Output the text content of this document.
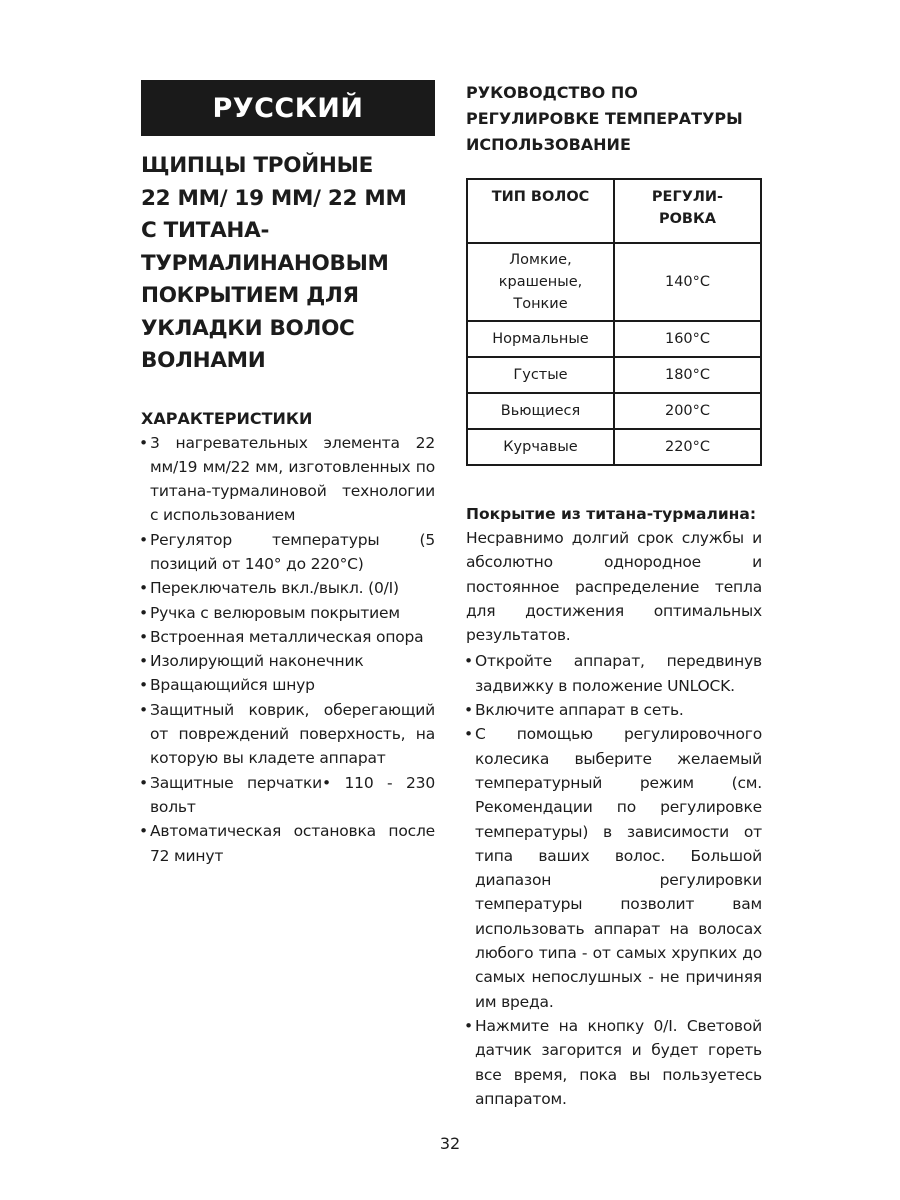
РУССКИЙ
ЩИПЦЫ ТРОЙНЫЕ
22 ММ/ 19 ММ/ 22 ММ
С ТИТАНА-
ТУРМАЛИНАНОВЫМ
ПОКРЫТИЕМ ДЛЯ
УКЛАДКИ ВОЛОС
ВОЛНАМИ
ХАРАКТЕРИСТИКИ
• 3 нагревательных элемента 22 мм/19 мм/22 мм, изготовленных по титана-турмалиновой технологии с использованием
• Регулятор температуры (5 позиций от 140° до 220°С)
• Переключатель вкл./выкл. (0/I)
• Ручка с велюровым покрытием
• Встроенная металлическая опора
• Изолирующий наконечник
• Вращающийся шнур
• Защитный коврик, оберегающий от повреждений поверхность, на которую вы кладете аппарат
• Защитные перчатки• 110 - 230 вольт
• Автоматическая остановка после 72 минут
РУКОВОДСТВО ПО
РЕГУЛИРОВКЕ ТЕМПЕРАТУРЫ
ИСПОЛЬЗОВАНИЕ
ТИП ВОЛОС	РЕГУЛИ-
РОВКА
Ломкие,
крашеные,
Тонкие	140°C
Нормальные	160°C
Густые	180°C
Вьющиеся	200°C
Курчавые	220°C
Покрытие из титана-турмалина:
Несравнимо долгий срок службы и абсолютно однородное и постоянное распределение тепла для достижения оптимальных результатов.
• Откройте аппарат, передвинув задвижку в положение UNLOCK.
• Включите аппарат в сеть.
• С помощью регулировочного колесика выберите желаемый температурный режим (см. Рекомендации по регулировке температуры) в зависимости от типа ваших волос. Большой диапазон регулировки температуры позволит вам использовать аппарат на волосах любого типа - от самых хрупких до самых непослушных - не причиняя им вреда.
• Нажмите на кнопку 0/I. Световой датчик загорится и будет гореть все время, пока вы пользуетесь аппаратом.
32
